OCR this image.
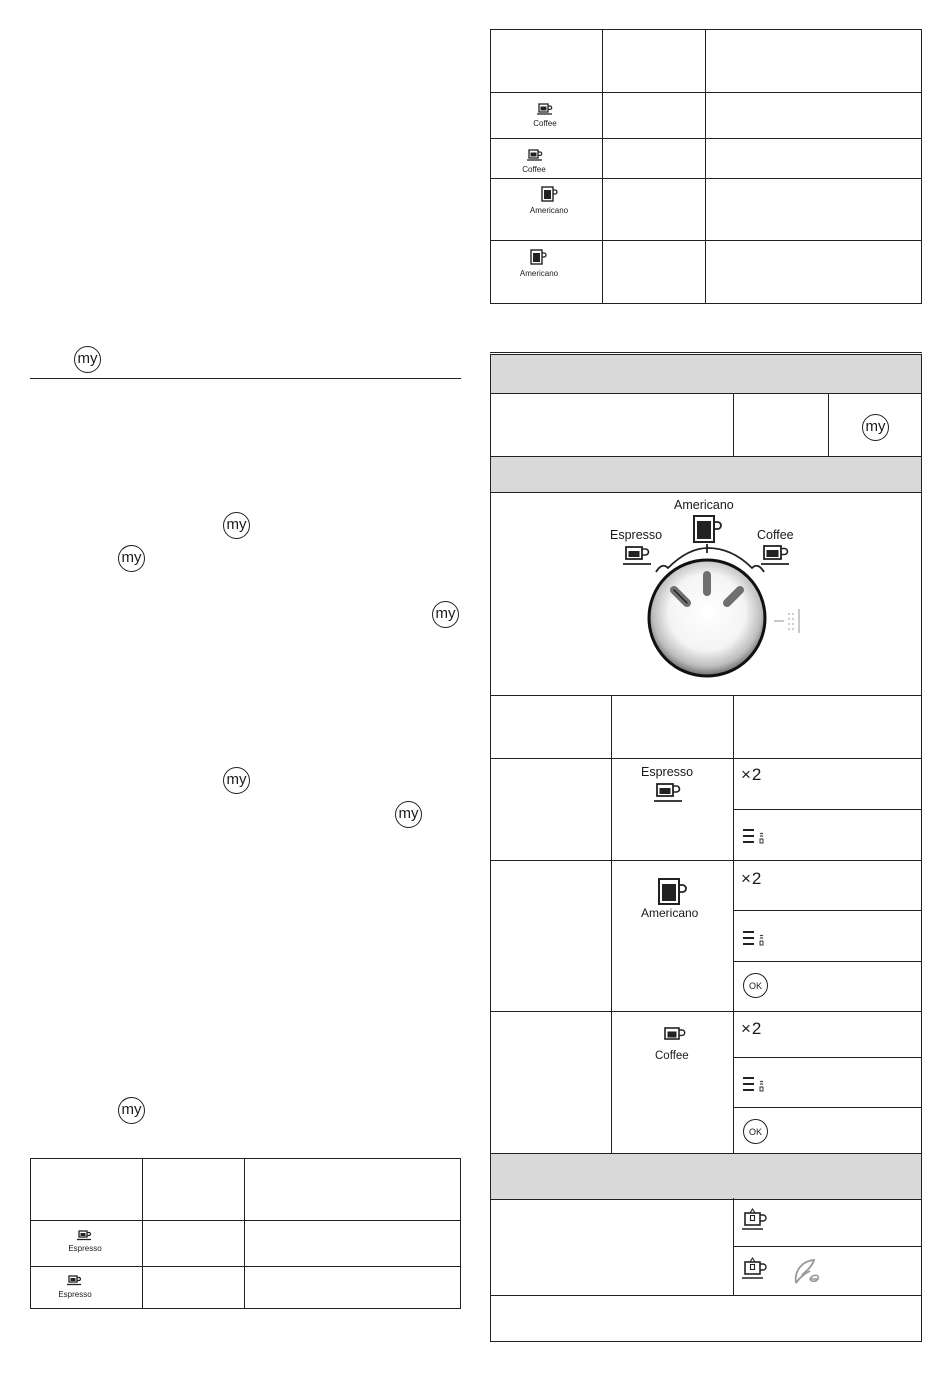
my
my
my
my
my
my
my
Espresso
Espresso
Coffee
Coffee
Americano
Americano
my
Americano
Espresso	Coffee
Espresso	×2
Americano
×2
OK
Coffee
×2
OK
